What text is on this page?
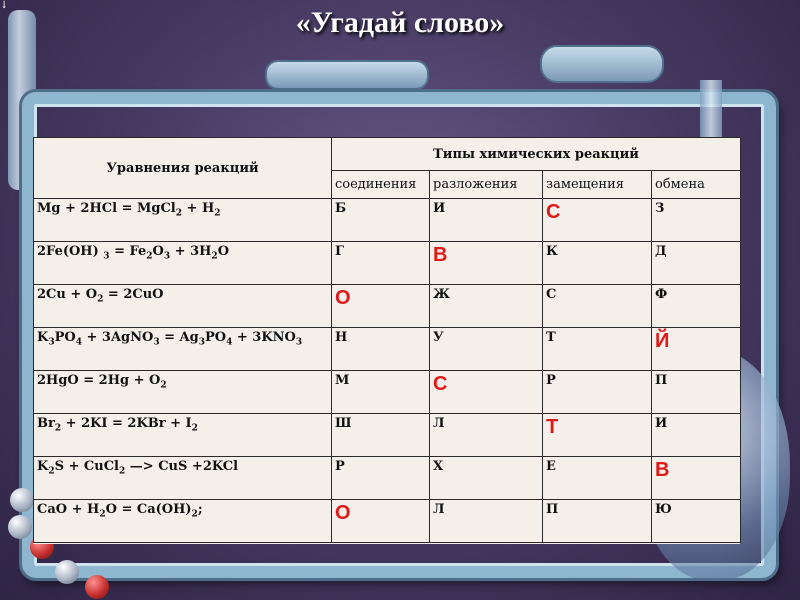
↓
«Угадай слово»
Уравнения реакций	Типы химических реакций			
	соединения	разложения	замещения	обмена
Mg + 2HCl = MgCl$_2$ + $H_2$	Б	И	С	З
2Fe(OH) $_3 = Fe_2O_3 + 3H_2O$	Г	В	К	Д
$2Cu + O_2 = 2CuO$	О	Ж	С	Ф
$K_3PO_4$ + 3AgNO$_3$ = $Ag_3PO_4 + 3KNO_3$	Н	У	Т	Й
$2HgO = 2Hg + O_2$	М	С	Р	П
$Br_2 + 2KI = 2KBr + I_2$	Ш	Л	Т	И
$K_2S$ + CuCl$_2$ —> CuS +2KCl	Р	Х	Е	В
CaO + $H_2O = Ca(OH)_2$;	О	Л	П	Ю
